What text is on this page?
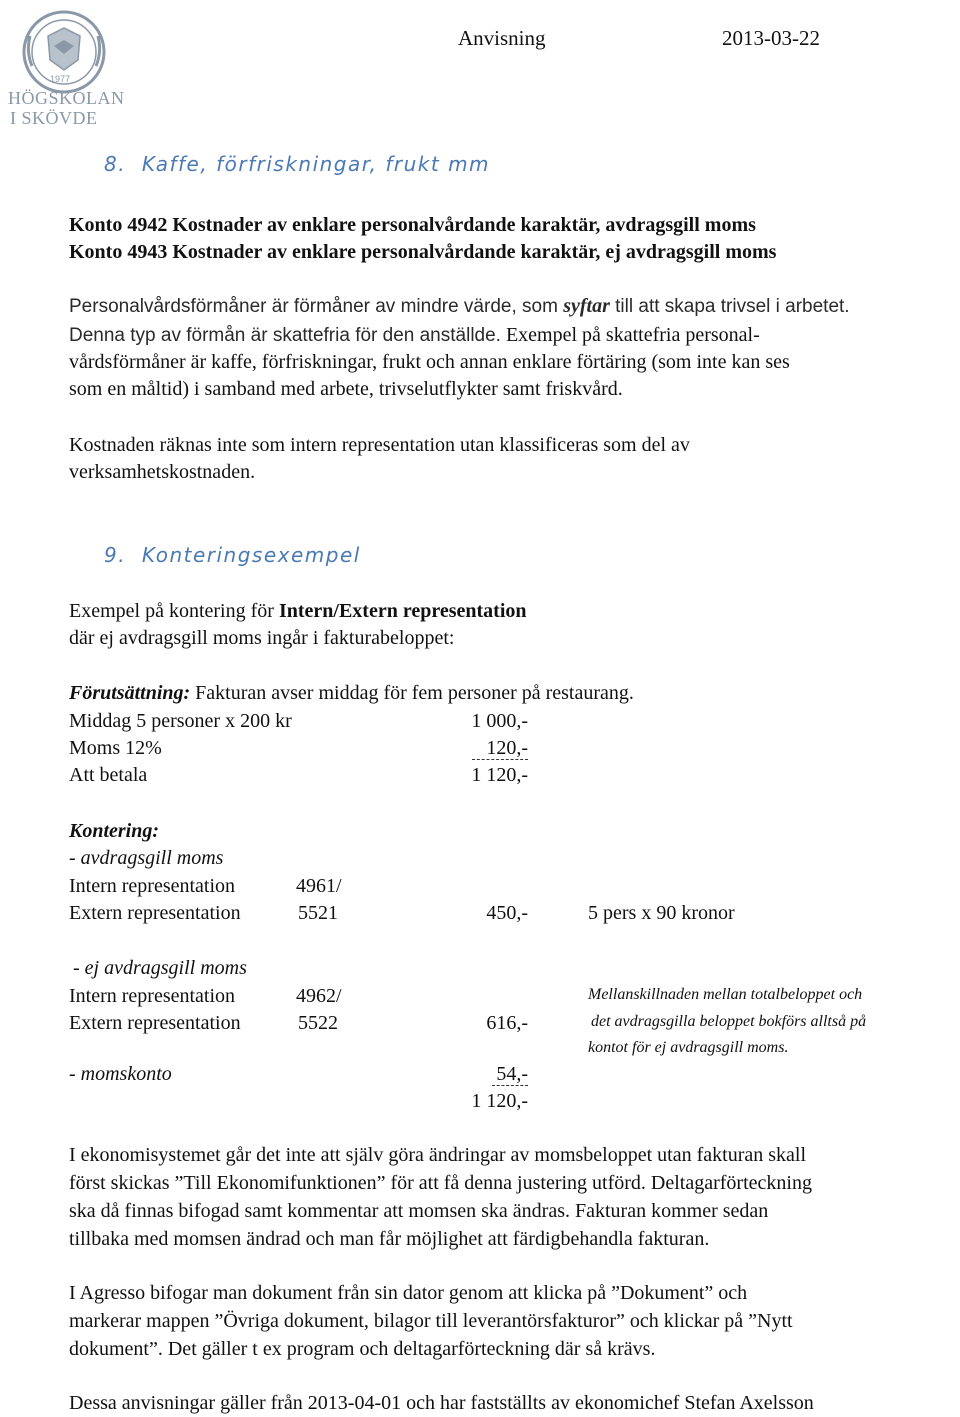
1977
HÖGSKOLAN
I SKÖVDE
Anvisning	2013-03-22
8. Kaffe, förfriskningar, frukt mm
Konto 4942 Kostnader av enklare personalvårdande karaktär, avdragsgill moms
Konto 4943 Kostnader av enklare personalvårdande karaktär, ej avdragsgill moms
Personalvårdsförmåner är förmåner av mindre värde, som syftar till att skapa trivsel i arbetet.
Denna typ av förmån är skattefria för den anställde. Exempel på skattefria personal-
vårdsförmåner är kaffe, förfriskningar, frukt och annan enklare förtäring (som inte kan ses
som en måltid) i samband med arbete, trivselutflykter samt friskvård.
Kostnaden räknas inte som intern representation utan klassificeras som del av
verksamhetskostnaden.
9. Konteringsexempel
Exempel på kontering för Intern/Extern representation
där ej avdragsgill moms ingår i fakturabeloppet:
Förutsättning: Fakturan avser middag för fem personer på restaurang.
Middag 5 personer x 200 kr	1 000,-
Moms 12%	120,-
Att betala	1 120,-
Kontering:
- avdragsgill moms
Intern representation	4961/
Extern representation	5521	450,-	5 pers x 90 kronor
- ej avdragsgill moms
Intern representation	4962/
Extern representation	5522	616,-
Mellanskillnaden mellan totalbeloppet och
det avdragsgilla beloppet bokförs alltså på
kontot för ej avdragsgill moms.
- momskonto	54,-
1 120,-
I ekonomisystemet går det inte att själv göra ändringar av momsbeloppet utan fakturan skall
först skickas ”Till Ekonomifunktionen” för att få denna justering utförd. Deltagarförteckning
ska då finnas bifogad samt kommentar att momsen ska ändras. Fakturan kommer sedan
tillbaka med momsen ändrad och man får möjlighet att färdigbehandla fakturan.
I Agresso bifogar man dokument från sin dator genom att klicka på ”Dokument” och
markerar mappen ”Övriga dokument, bilagor till leverantörsfakturor” och klickar på ”Nytt
dokument”. Det gäller t ex program och deltagarförteckning där så krävs.
Dessa anvisningar gäller från 2013-04-01 och har fastställts av ekonomichef Stefan Axelsson
